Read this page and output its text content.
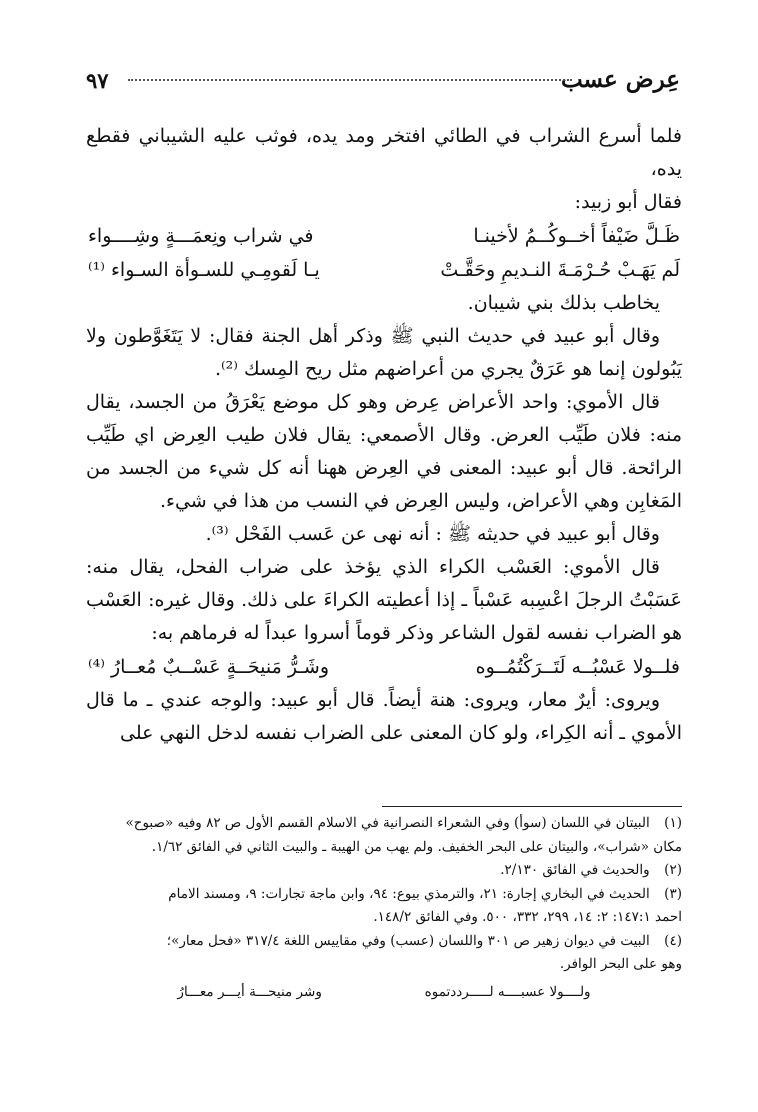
عِرض عسب
٩٧

فلما أسرع الشراب في الطائي افتخر ومد يده، فوثب عليه الشيباني فقطع يده،

فقال أبو زبيد:

ظَـلَّ ضَيْفاً أخــوكُــمُ لأخينـا
في شراب ونِعمَـــةٍ وشِــــواء
لَم يَهَـبْ حُـرْمَـةَ النـديمِ وحَقَّـتْ
يـا لَقومِـي للسـوأة السـواء ⁽¹⁾

يخاطب بذلك بني شيبان.

وقال أبو عبيد في حديث النبي ﷺ وذكر أهل الجنة فقال: لا يَتَغَوَّطون ولا يَبُولون إنما هو عَرَقٌ يجري من أعراضهم مثل ريح المِسك ⁽²⁾.

قال الأموي: واحد الأعراض عِرض وهو كل موضع يَعْرَقُ من الجسد، يقال منه: فلان طَيِّب العرض. وقال الأصمعي: يقال فلان طيب العِرض اي طَيِّب الرائحة. قال أبو عبيد: المعنى في العِرض ههنا أنه كل شيء من الجسد من المَغابِن وهي الأعراض، وليس العِرض في النسب من هذا في شيء.

وقال أبو عبيد في حديثه ﷺ : أنه نهى عن عَسب الفَحْل ⁽³⁾.

قال الأموي: العَسْب الكراء الذي يؤخذ على ضراب الفحل، يقال منه: عَسَبْتُ الرجلَ اعْسِبه عَسْباً ـ إذا أعطيته الكراءَ على ذلك. وقال غيره: العَسْب هو الضراب نفسه لقول الشاعر وذكر قوماً أسروا عبداً له فرماهم به:

فلــولا عَسْبُــه لَتَــرَكْتُمُــوه
وشَـرُّ مَنيحَــةٍ عَسْــبٌ مُعــارُ ⁽⁴⁾

ويروى: أيرٌ معار، ويروى: هنة أيضاً. قال أبو عبيد: والوجه عندي ـ ما قال الأموي ـ أنه الكِراء، ولو كان المعنى على الضراب نفسه لدخل النهي على

(١) البيتان في اللسان (سوأ) وفي الشعراء النصرانية في الاسلام القسم الأول ص ٨٢ وفيه «صبوح»

مكان «شراب»، والبيتان على البحر الخفيف. ولم يهب من الهيبة ـ والبيت الثاني في الفائق ١/٦٢.

(٢) والحديث في الفائق ٢/١٣٠.

(٣) الحديث في البخاري إجارة: ٢١، والترمذي بيوع: ٩٤، وابن ماجة تجارات: ٩، ومسند الامام

احمد ١٤٧:١: ٢: ١٤، ٢٩٩، ٣٣٢، ٥٠٠. وفي الفائق ١٤٨/٢.

(٤) البيت في ديوان زهير ص ٣٠١ واللسان (عسب) وفي مقاييس اللغة ٣١٧/٤ «فحل معار»؛

وهو على البحر الوافر.

ولــــولا عسبــــه لـــــرددتموه
وشر منيحـــة أيـــر معـــارُ
